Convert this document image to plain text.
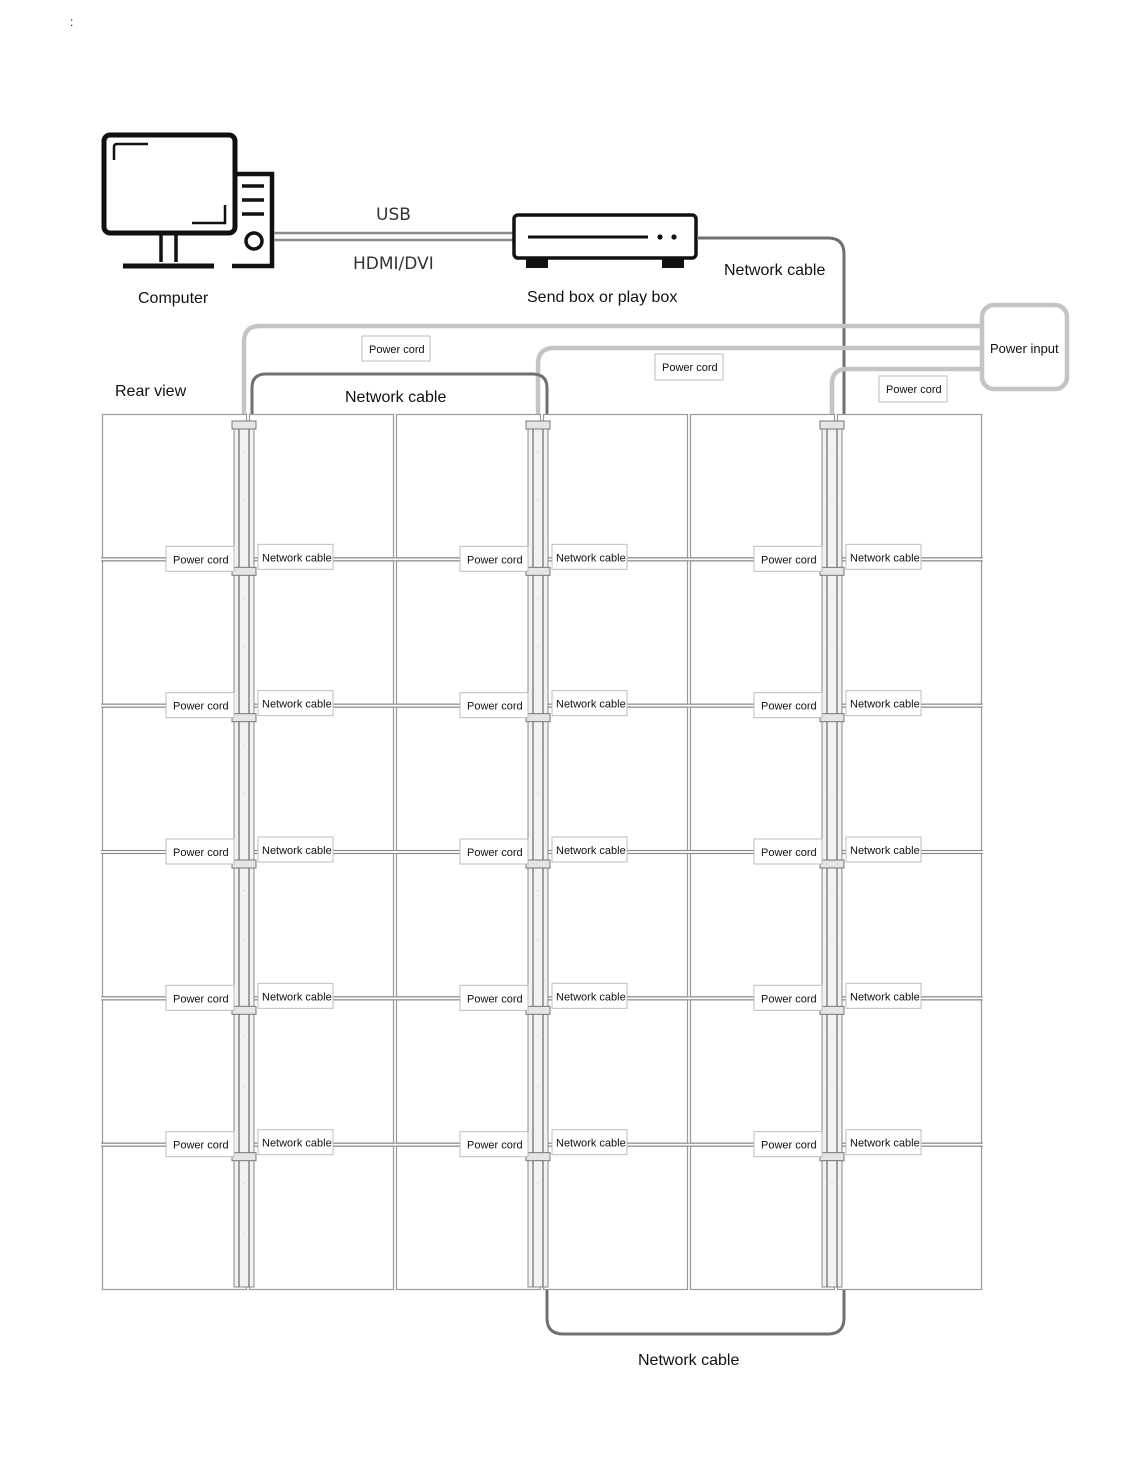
:
Computer
USB
HDMI/DVI
Send box or play box
Network cable
Power input
Power cord
Power cord
Power cord
Network cable
Rear view
Power cord	Network cable
Power cord	Network cable
Power cord	Network cable
Power cord	Network cable
Power cord	Network cable
Power cord	Network cable
Power cord	Network cable
Power cord	Network cable
Power cord	Network cable
Power cord	Network cable
Power cord	Network cable
Power cord	Network cable
Power cord	Network cable
Power cord	Network cable
Power cord	Network cable
Network cable
